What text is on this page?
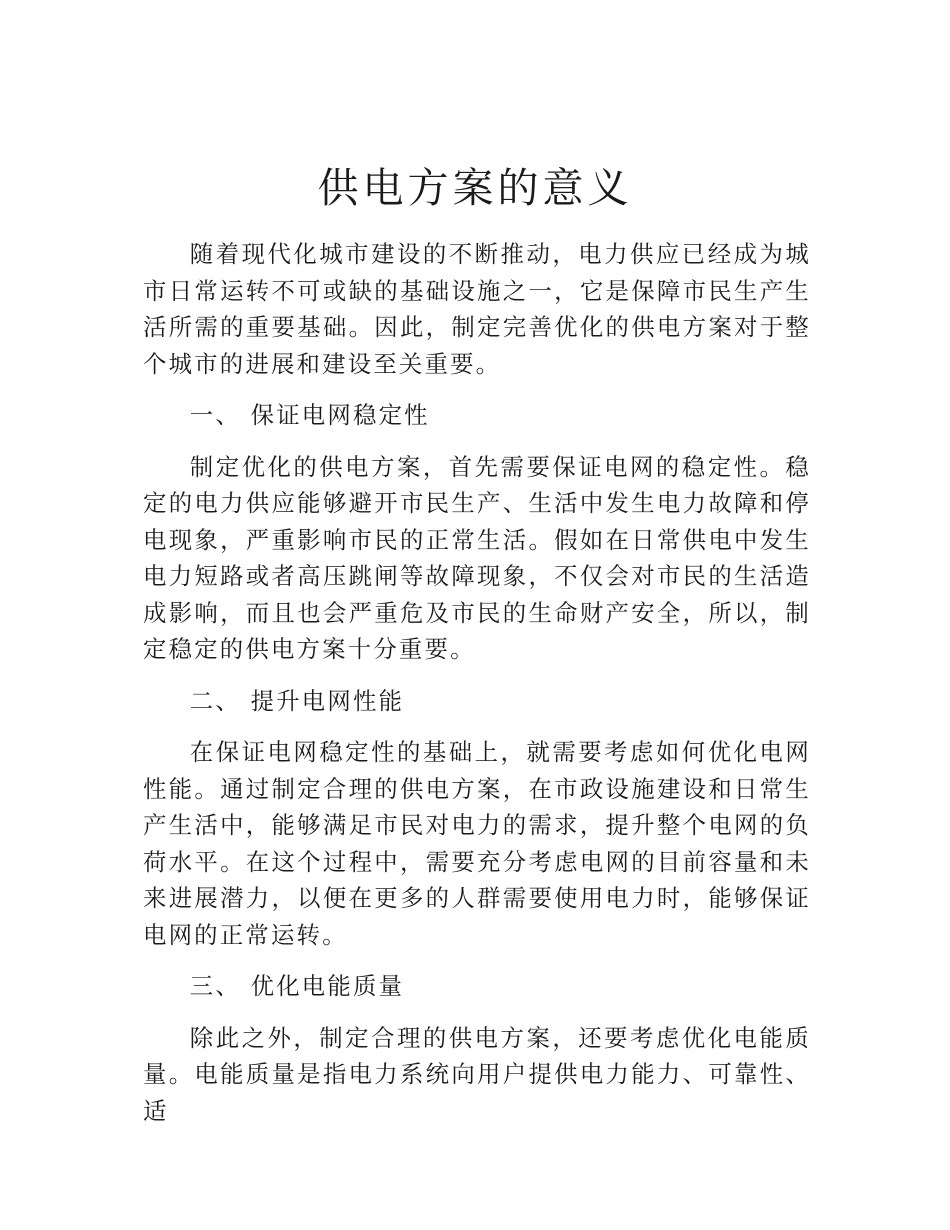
供电方案的意义

随着现代化城市建设的不断推动，电力供应已经成为城市日常运转不可或缺的基础设施之一，它是保障市民生产生活所需的重要基础。因此，制定完善优化的供电方案对于整个城市的进展和建设至关重要。

一、 保证电网稳定性

制定优化的供电方案，首先需要保证电网的稳定性。稳定的电力供应能够避开市民生产、生活中发生电力故障和停电现象，严重影响市民的正常生活。假如在日常供电中发生电力短路或者高压跳闸等故障现象，不仅会对市民的生活造成影响，而且也会严重危及市民的生命财产安全，所以，制定稳定的供电方案十分重要。

二、 提升电网性能

在保证电网稳定性的基础上，就需要考虑如何优化电网性能。通过制定合理的供电方案，在市政设施建设和日常生产生活中，能够满足市民对电力的需求，提升整个电网的负荷水平。在这个过程中，需要充分考虑电网的目前容量和未来进展潜力，以便在更多的人群需要使用电力时，能够保证电网的正常运转。

三、 优化电能质量

除此之外，制定合理的供电方案，还要考虑优化电能质量。电能质量是指电力系统向用户提供电力能力、可靠性、适
